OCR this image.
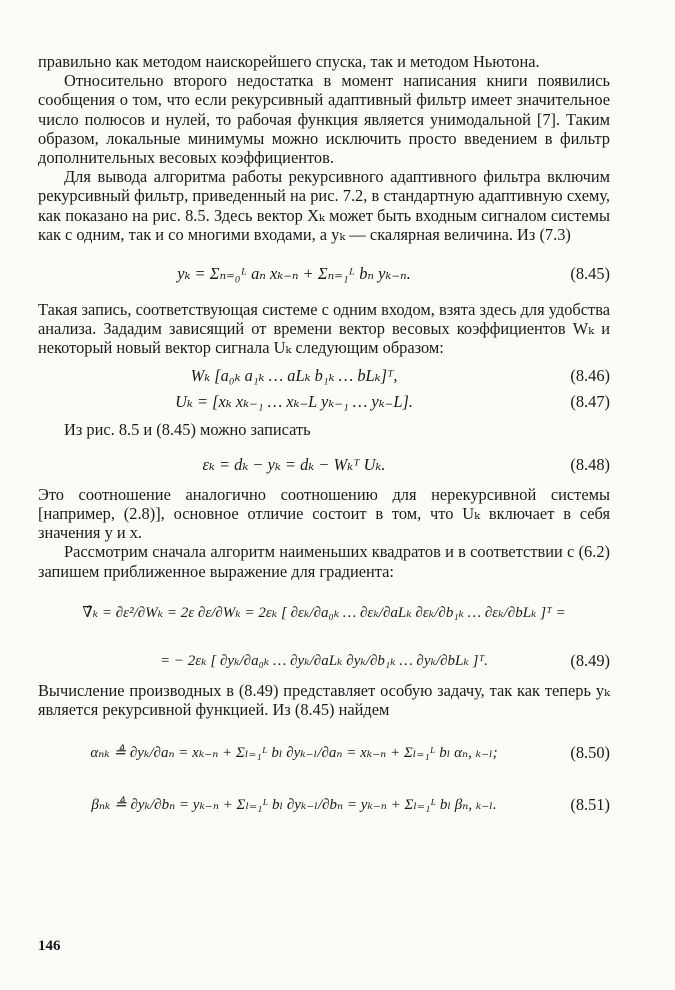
правильно как методом наискорейшего спуска, так и методом Ньютона.

Относительно второго недостатка в момент написания книги появились сообщения о том, что если рекурсивный адаптивный фильтр имеет значительное число полюсов и нулей, то рабочая функция является унимодальной [7]. Таким образом, локальные минимумы можно исключить просто введением в фильтр дополнительных весовых коэффициентов.

Для вывода алгоритма работы рекурсивного адаптивного фильтра включим рекурсивный фильтр, приведенный на рис. 7.2, в стандартную адаптивную схему, как показано на рис. 8.5. Здесь вектор Xₖ может быть входным сигналом системы как с одним, так и со многими входами, а yₖ — скалярная величина. Из (7.3)

yₖ = Σₙ₌₀ᴸ aₙ xₖ₋ₙ + Σₙ₌₁ᴸ bₙ yₖ₋ₙ.	(8.45)

Такая запись, соответствующая системе с одним входом, взята здесь для удобства анализа. Зададим зависящий от времени вектор весовых коэффициентов Wₖ и некоторый новый вектор сигнала Uₖ следующим образом:

Wₖ [a₀ₖ a₁ₖ … aLₖ b₁ₖ … bLₖ]ᵀ,	(8.46)
Uₖ = [xₖ xₖ₋₁ … xₖ₋L yₖ₋₁ … yₖ₋L].	(8.47)

Из рис. 8.5 и (8.45) можно записать

εₖ = dₖ − yₖ = dₖ − Wₖᵀ Uₖ.	(8.48)

Это соотношение аналогично соотношению для нерекурсивной системы [например, (2.8)], основное отличие состоит в том, что Uₖ включает в себя значения y и x.

Рассмотрим сначала алгоритм наименьших квадратов и в соответствии с (6.2) запишем приближенное выражение для градиента:

∇̂ₖ = ∂ε²/∂Wₖ = 2ε ∂ε/∂Wₖ = 2εₖ [ ∂εₖ/∂a₀ₖ … ∂εₖ/∂aLₖ ∂εₖ/∂b₁ₖ … ∂εₖ/∂bLₖ ]ᵀ =
= − 2εₖ [ ∂yₖ/∂a₀ₖ … ∂yₖ/∂aLₖ ∂yₖ/∂b₁ₖ … ∂yₖ/∂bLₖ ]ᵀ.	(8.49)

Вычисление производных в (8.49) представляет особую задачу, так как теперь yₖ является рекурсивной функцией. Из (8.45) найдем

αₙₖ ≜ ∂yₖ/∂aₙ = xₖ₋ₙ + Σₗ₌₁ᴸ bₗ ∂yₖ₋ₗ/∂aₙ = xₖ₋ₙ + Σₗ₌₁ᴸ bₗ αₙ, ₖ₋ₗ;	(8.50)
βₙₖ ≜ ∂yₖ/∂bₙ = yₖ₋ₙ + Σₗ₌₁ᴸ bₗ ∂yₖ₋ₗ/∂bₙ = yₖ₋ₙ + Σₗ₌₁ᴸ bₗ βₙ, ₖ₋ₗ.	(8.51)
146
